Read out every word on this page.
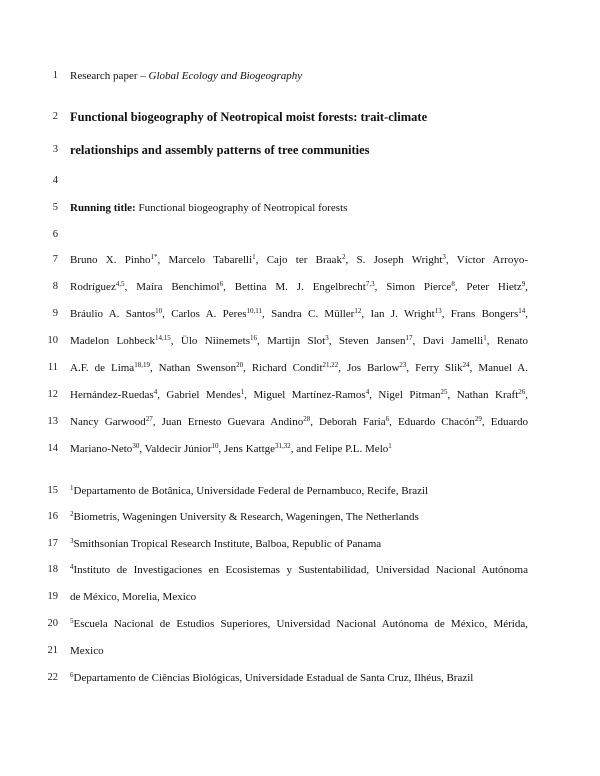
1 Research paper – Global Ecology and Biogeography
2 Functional biogeography of Neotropical moist forests: trait-climate
3 relationships and assembly patterns of tree communities
4
5 Running title: Functional biogeography of Neotropical forests
6
7 Bruno X. Pinho$^{1*}$, Marcelo Tabarelli$^1$, Cajo ter Braak$^2$, S. Joseph Wright$^3$, Víctor Arroyo-
8 Rodríguez$^{4,5}$, Maíra Benchimol$^6$, Bettina M. J. Engelbrecht$^{7,3}$, Simon Pierce$^8$, Peter Hietz$^9$,
9 Bráulio A. Santos$^{10}$, Carlos A. Peres$^{10,11}$, Sandra C. Müller$^{12}$, Ian J. Wright$^{13}$, Frans Bongers$^{14}$,
10 Madelon Lohbeck$^{14,15}$, Ülo Niinemets$^{16}$, Martijn Slot$^3$, Steven Jansen$^{17}$, Davi Jamelli$^1$, Renato
11 A.F. de Lima$^{18,19}$, Nathan Swenson$^{20}$, Richard Condit$^{21,22}$, Jos Barlow$^{23}$, Ferry Slik$^{24}$, Manuel A.
12 Hernández-Ruedas$^4$, Gabriel Mendes$^1$, Miguel Martínez-Ramos$^4$, Nigel Pitman$^{25}$, Nathan Kraft$^{26}$,
13 Nancy Garwood$^{27}$, Juan Ernesto Guevara Andino$^{28}$, Deborah Faria$^6$, Eduardo Chacón$^{29}$, Eduardo
14 Mariano-Neto$^{30}$, Valdecir Júnior$^{10}$, Jens Kattge$^{31,32}$, and Felipe P.L. Melo$^1$
15 $^1$Departamento de Botânica, Universidade Federal de Pernambuco, Recife, Brazil
16 $^2$Biometris, Wageningen University & Research, Wageningen, The Netherlands
17 $^3$Smithsonian Tropical Research Institute, Balboa, Republic of Panama
18 $^4$Instituto de Investigaciones en Ecosistemas y Sustentabilidad, Universidad Nacional Autónoma
19 de México, Morelia, Mexico
20 $^5$Escuela Nacional de Estudios Superiores, Universidad Nacional Autónoma de México, Mérida,
21 Mexico
22 $^6$Departamento de Ciências Biológicas, Universidade Estadual de Santa Cruz, Ilhéus, Brazil
